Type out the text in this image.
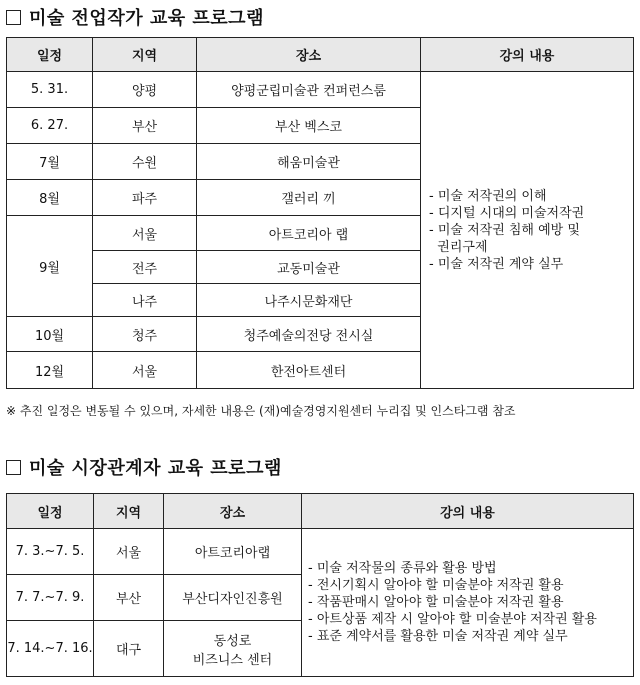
미술 전업작가 교육 프로그램
일정	지역	장소	강의 내용
5. 31.	양평	양평군립미술관 컨퍼런스룸	- 미술 저작권의 이해
- 디지털 시대의 미술저작권
- 미술 저작권 침해 예방 및
권리구제
- 미술 저작권 계약 실무

6. 27.	부산	부산 벡스코	
7월	수원	해움미술관	
8월	파주	갤러리 끼	
9월	서울	아트코리아 랩	
	전주	교동미술관	
	나주	나주시문화재단	
10월	청주	청주예술의전당 전시실	
12월	서울	한전아트센터	
※ 추진 일정은 변동될 수 있으며, 자세한 내용은 (재)예술경영지원센터 누리집 및 인스타그램 참조
미술 시장관계자 교육 프로그램
일정	지역	장소	강의 내용
7. 3.~7. 5.	서울	아트코리아랩	- 미술 저작물의 종류와 활용 방법
- 전시기획시 알아야 할 미술분야 저작권 활용
- 작품판매시 알아야 할 미술분야 저작권 활용
- 아트상품 제작 시 알아야 할 미술분야 저작권 활용
- 표준 계약서를 활용한 미술 저작권 계약 실무

7. 7.~7. 9.	부산	부산디자인진흥원	
7. 14.~7. 16.	대구	동성로
비즈니스 센터	
